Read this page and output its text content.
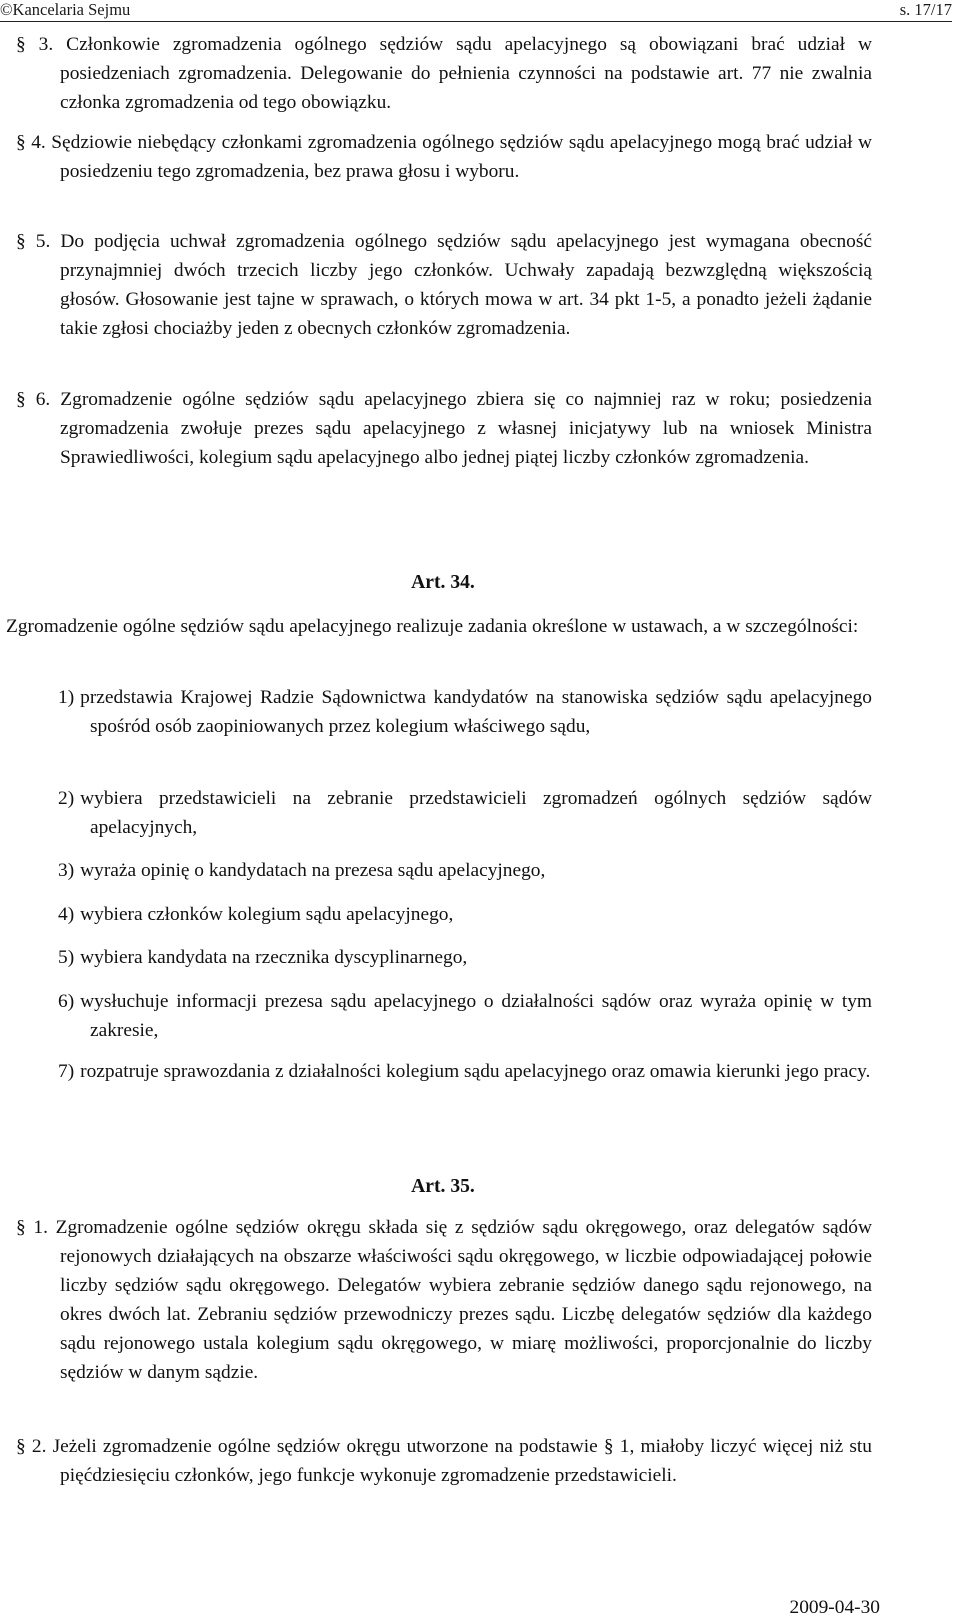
©Kancelaria Sejmu	s. 17/17
§ 3. Członkowie zgromadzenia ogólnego sędziów sądu apelacyjnego są obowiązani brać udział w posiedzeniach zgromadzenia. Delegowanie do pełnienia czynności na podstawie art. 77 nie zwalnia członka zgromadzenia od tego obowiązku.
§ 4. Sędziowie niebędący członkami zgromadzenia ogólnego sędziów sądu apelacyjnego mogą brać udział w posiedzeniu tego zgromadzenia, bez prawa głosu i wyboru.
§ 5. Do podjęcia uchwał zgromadzenia ogólnego sędziów sądu apelacyjnego jest wymagana obecność przynajmniej dwóch trzecich liczby jego członków. Uchwały zapadają bezwzględną większością głosów. Głosowanie jest tajne w sprawach, o których mowa w art. 34 pkt 1-5, a ponadto jeżeli żądanie takie zgłosi chociażby jeden z obecnych członków zgromadzenia.
§ 6. Zgromadzenie ogólne sędziów sądu apelacyjnego zbiera się co najmniej raz w roku; posiedzenia zgromadzenia zwołuje prezes sądu apelacyjnego z własnej inicjatywy lub na wniosek Ministra Sprawiedliwości, kolegium sądu apelacyjnego albo jednej piątej liczby członków zgromadzenia.
Art. 34.
Zgromadzenie ogólne sędziów sądu apelacyjnego realizuje zadania określone w ustawach, a w szczególności:
1) przedstawia Krajowej Radzie Sądownictwa kandydatów na stanowiska sędziów sądu apelacyjnego spośród osób zaopiniowanych przez kolegium właściwego sądu,
2) wybiera przedstawicieli na zebranie przedstawicieli zgromadzeń ogólnych sędziów sądów apelacyjnych,
3) wyraża opinię o kandydatach na prezesa sądu apelacyjnego,
4) wybiera członków kolegium sądu apelacyjnego,
5) wybiera kandydata na rzecznika dyscyplinarnego,
6) wysłuchuje informacji prezesa sądu apelacyjnego o działalności sądów oraz wyraża opinię w tym zakresie,
7) rozpatruje sprawozdania z działalności kolegium sądu apelacyjnego oraz omawia kierunki jego pracy.
Art. 35.
§ 1. Zgromadzenie ogólne sędziów okręgu składa się z sędziów sądu okręgowego, oraz delegatów sądów rejonowych działających na obszarze właściwości sądu okręgowego, w liczbie odpowiadającej połowie liczby sędziów sądu okręgowego. Delegatów wybiera zebranie sędziów danego sądu rejonowego, na okres dwóch lat. Zebraniu sędziów przewodniczy prezes sądu. Liczbę delegatów sędziów dla każdego sądu rejonowego ustala kolegium sądu okręgowego, w miarę możliwości, proporcjonalnie do liczby sędziów w danym sądzie.
§ 2. Jeżeli zgromadzenie ogólne sędziów okręgu utworzone na podstawie § 1, miałoby liczyć więcej niż stu pięćdziesięciu członków, jego funkcje wykonuje zgromadzenie przedstawicieli.
2009-04-30
